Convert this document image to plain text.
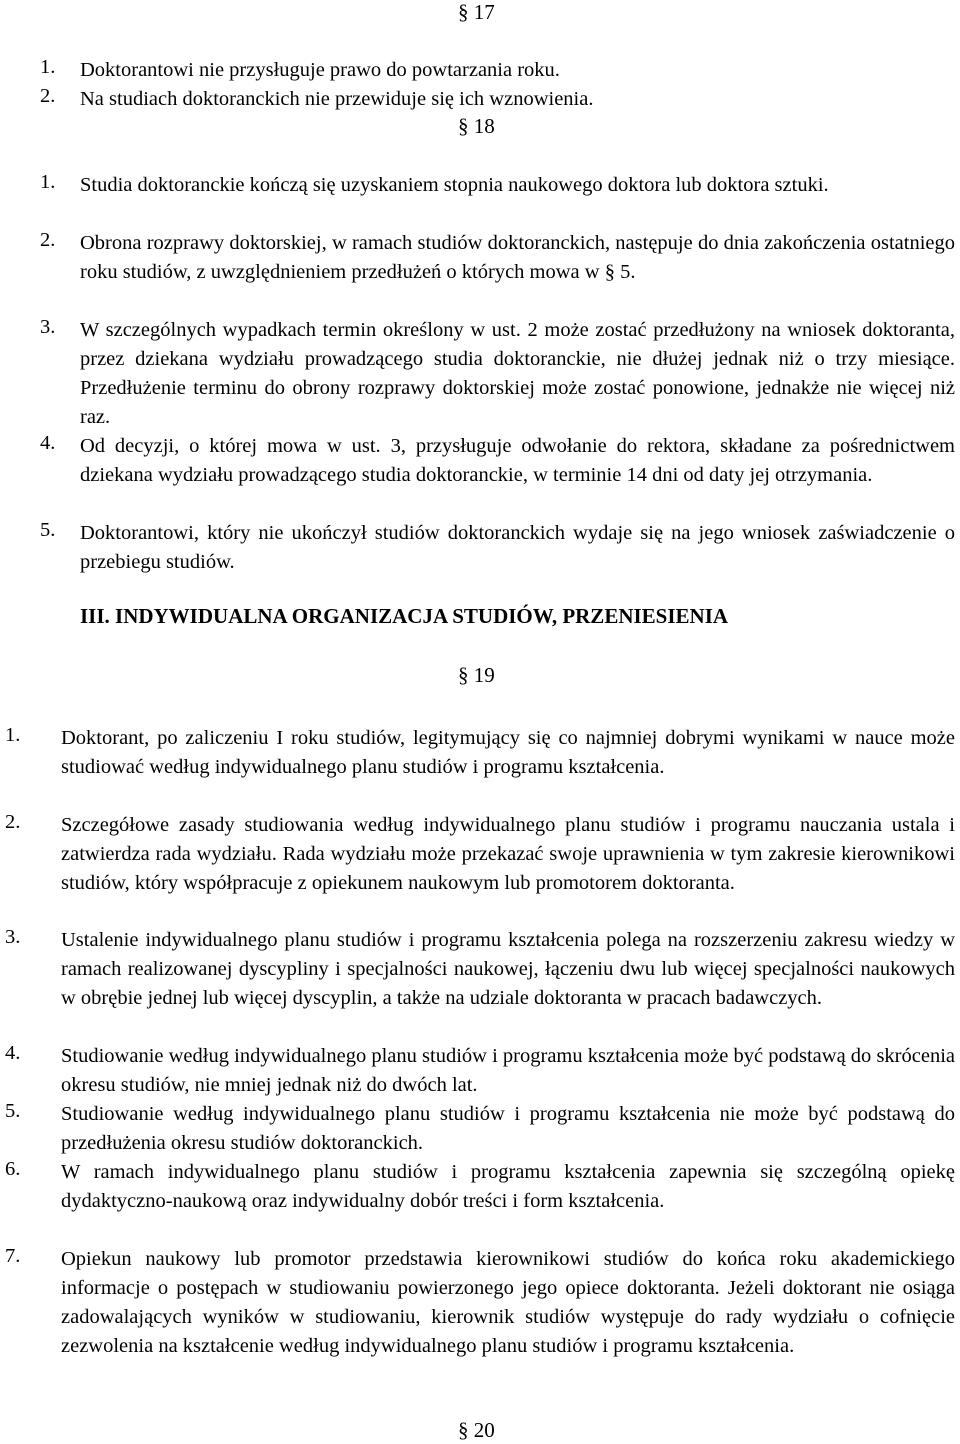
§ 17
1. Doktorantowi nie przysługuje prawo do powtarzania roku.
2. Na studiach doktoranckich nie przewiduje się ich wznowienia.
§ 18
1. Studia doktoranckie kończą się uzyskaniem stopnia naukowego doktora lub doktora sztuki.
2. Obrona rozprawy doktorskiej, w ramach studiów doktoranckich, następuje do dnia zakończenia ostatniego roku studiów, z uwzględnieniem przedłużeń o których mowa w § 5.
3. W szczególnych wypadkach termin określony w ust. 2 może zostać przedłużony na wniosek doktoranta, przez dziekana wydziału prowadzącego studia doktoranckie, nie dłużej jednak niż o trzy miesiące. Przedłużenie terminu do obrony rozprawy doktorskiej może zostać ponowione, jednakże nie więcej niż raz.
4. Od decyzji, o której mowa w ust. 3, przysługuje odwołanie do rektora, składane za pośrednictwem dziekana wydziału prowadzącego studia doktoranckie, w terminie 14 dni od daty jej otrzymania.
5. Doktorantowi, który nie ukończył studiów doktoranckich wydaje się na jego wniosek zaświadczenie o przebiegu studiów.
III. INDYWIDUALNA ORGANIZACJA STUDIÓW, PRZENIESIENIA
§ 19
1. Doktorant, po zaliczeniu I roku studiów, legitymujący się co najmniej dobrymi wynikami w nauce może studiować według indywidualnego planu studiów i programu kształcenia.
2. Szczegółowe zasady studiowania według indywidualnego planu studiów i programu nauczania ustala i zatwierdza rada wydziału. Rada wydziału może przekazać swoje uprawnienia w tym zakresie kierownikowi studiów, który współpracuje z opiekunem naukowym lub promotorem doktoranta.
3. Ustalenie indywidualnego planu studiów i programu kształcenia polega na rozszerzeniu zakresu wiedzy w ramach realizowanej dyscypliny i specjalności naukowej, łączeniu dwu lub więcej specjalności naukowych w obrębie jednej lub więcej dyscyplin, a także na udziale doktoranta w pracach badawczych.
4. Studiowanie według indywidualnego planu studiów i programu kształcenia może być podstawą do skrócenia okresu studiów, nie mniej jednak niż do dwóch lat.
5. Studiowanie według indywidualnego planu studiów i programu kształcenia nie może być podstawą do przedłużenia okresu studiów doktoranckich.
6. W ramach indywidualnego planu studiów i programu kształcenia zapewnia się szczególną opiekę dydaktyczno-naukową oraz indywidualny dobór treści i form kształcenia.
7. Opiekun naukowy lub promotor przedstawia kierownikowi studiów do końca roku akademickiego informacje o postępach w studiowaniu powierzonego jego opiece doktoranta. Jeżeli doktorant nie osiąga zadowalających wyników w studiowaniu, kierownik studiów występuje do rady wydziału o cofnięcie zezwolenia na kształcenie według indywidualnego planu studiów i programu kształcenia.
§ 20
